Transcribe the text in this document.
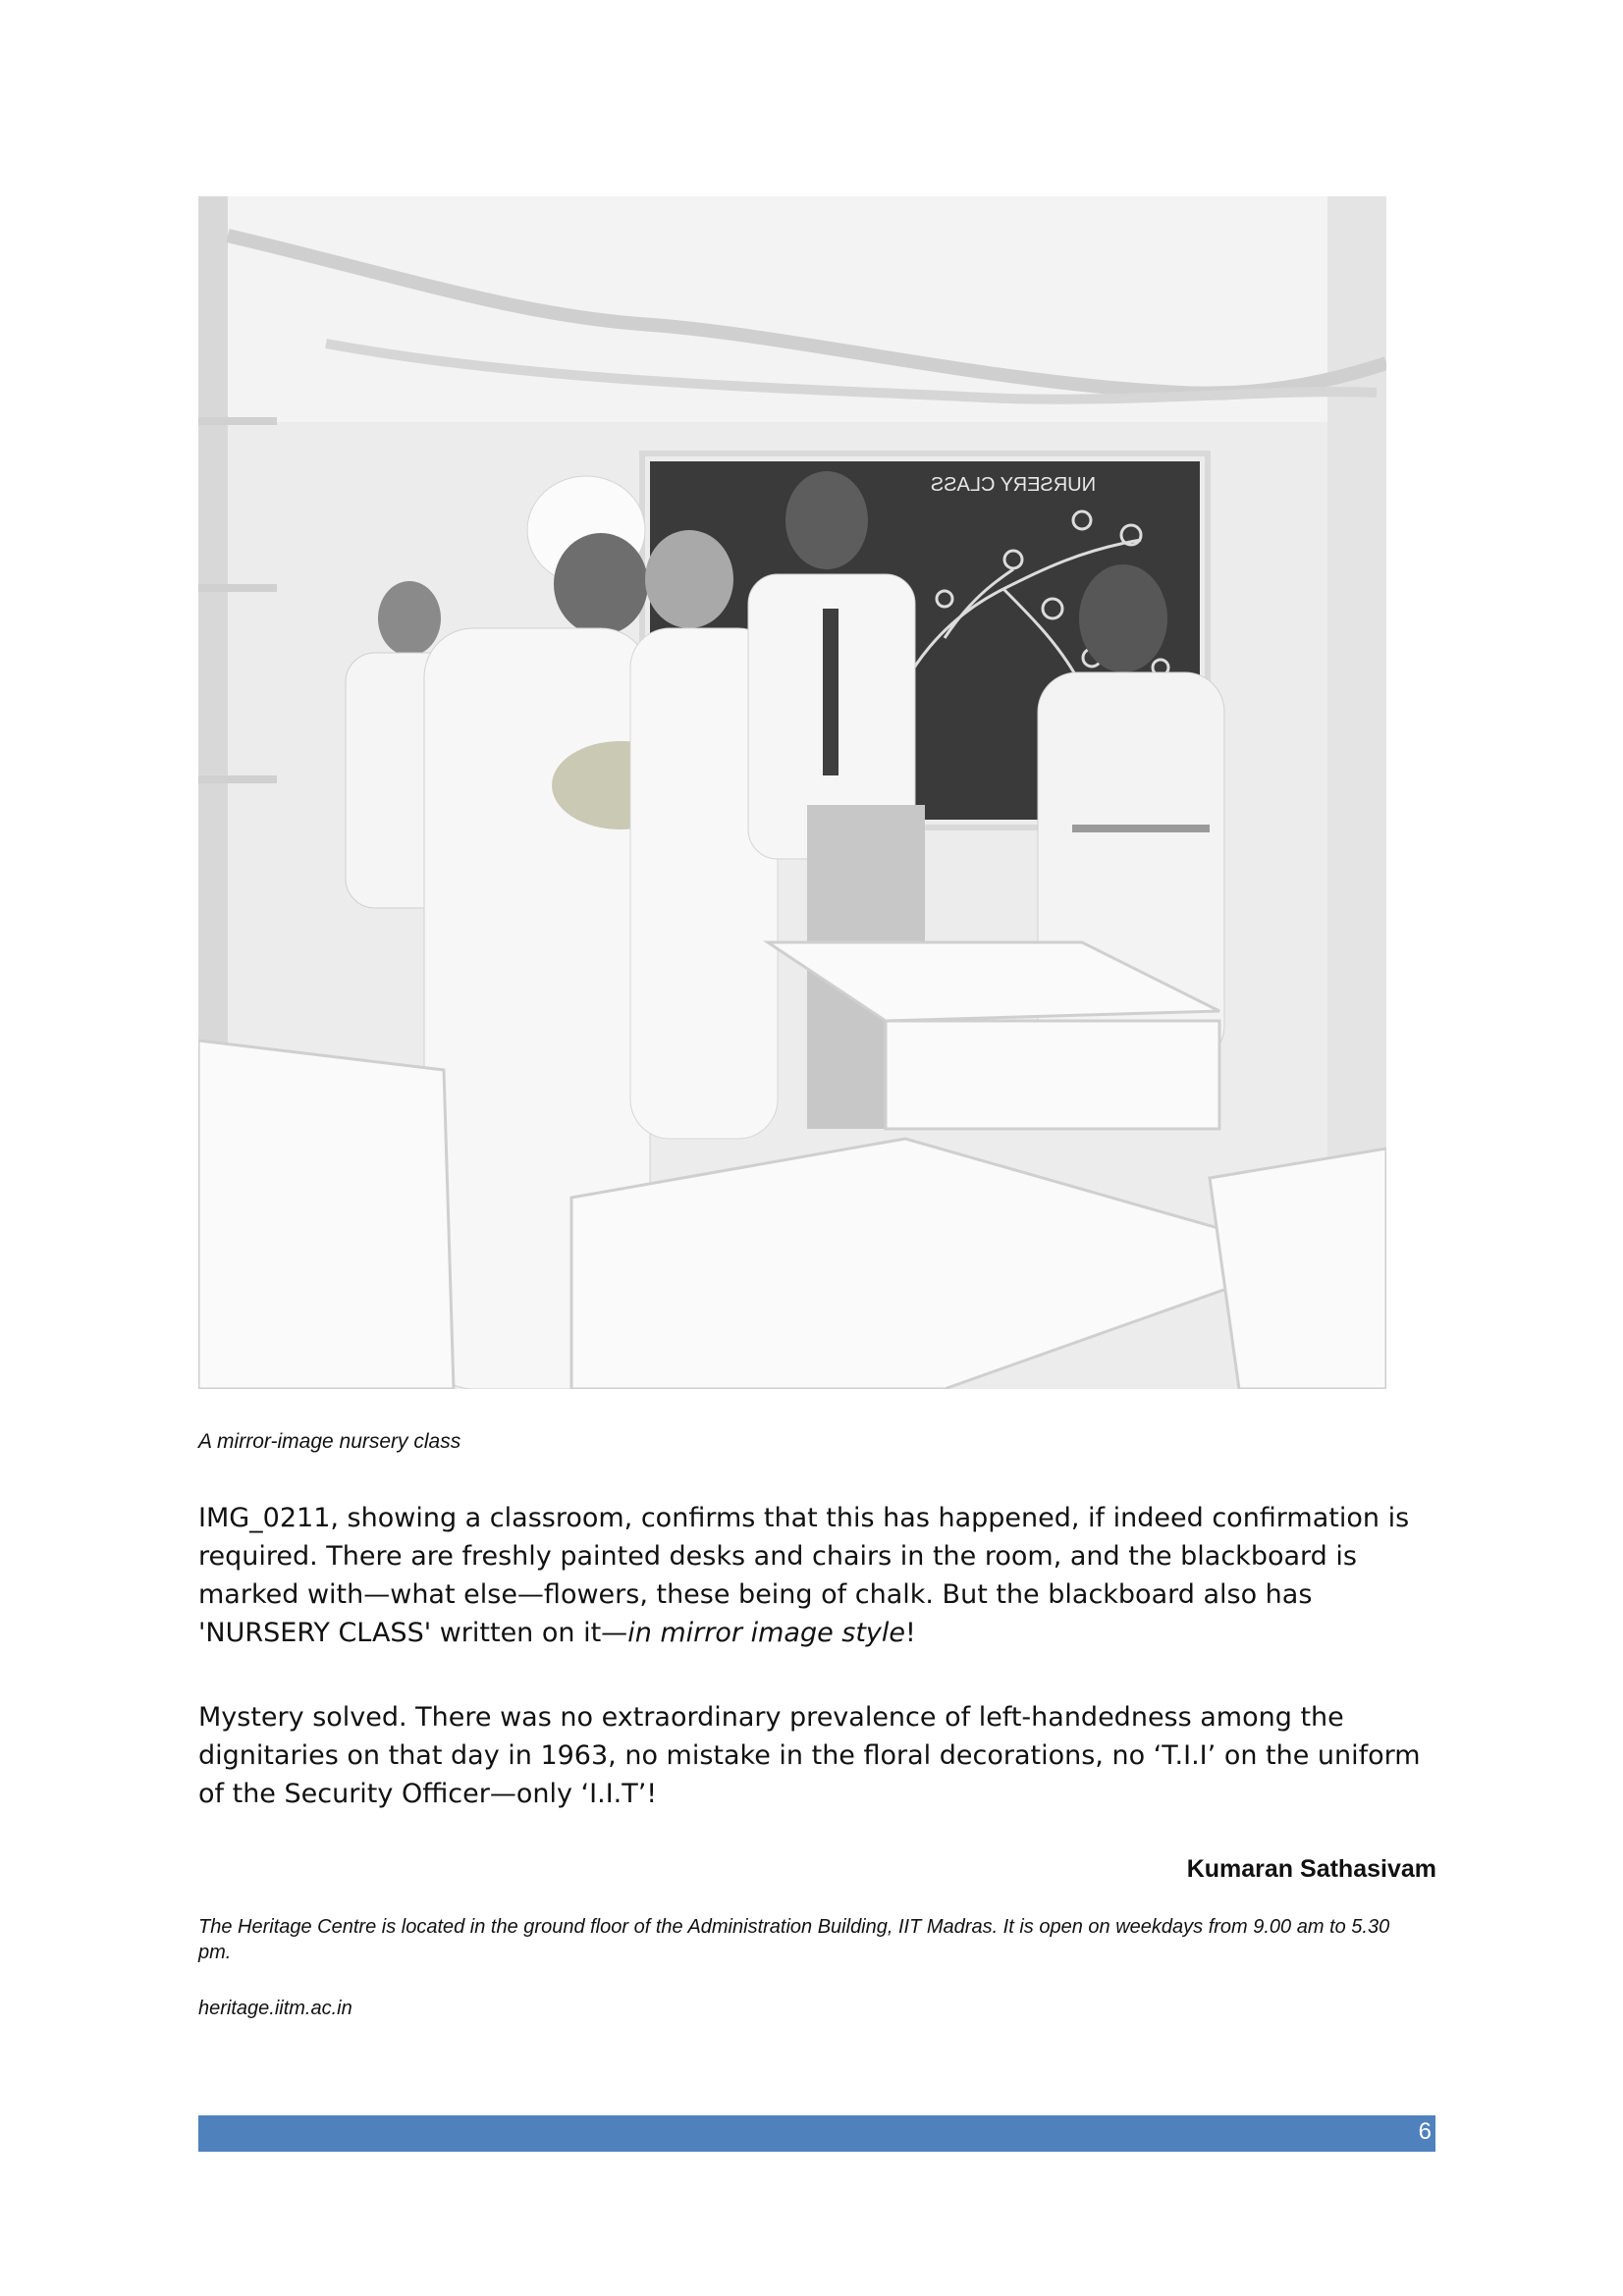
NURSERY CLASS
A mirror-image nursery class

IMG_0211, showing a classroom, confirms that this has happened, if indeed confirmation is required. There are freshly painted desks and chairs in the room, and the blackboard is marked with—what else—flowers, these being of chalk. But the blackboard also has 'NURSERY CLASS' written on it—in mirror image style!

Mystery solved. There was no extraordinary prevalence of left-handedness among the dignitaries on that day in 1963, no mistake in the floral decorations, no ‘T.I.I’ on the uniform of the Security Officer—only ‘I.I.T’!

Kumaran Sathasivam
The Heritage Centre is located in the ground floor of the Administration Building, IIT Madras. It is open on weekdays from 9.00 am to 5.30 pm.
heritage.iitm.ac.in
6
